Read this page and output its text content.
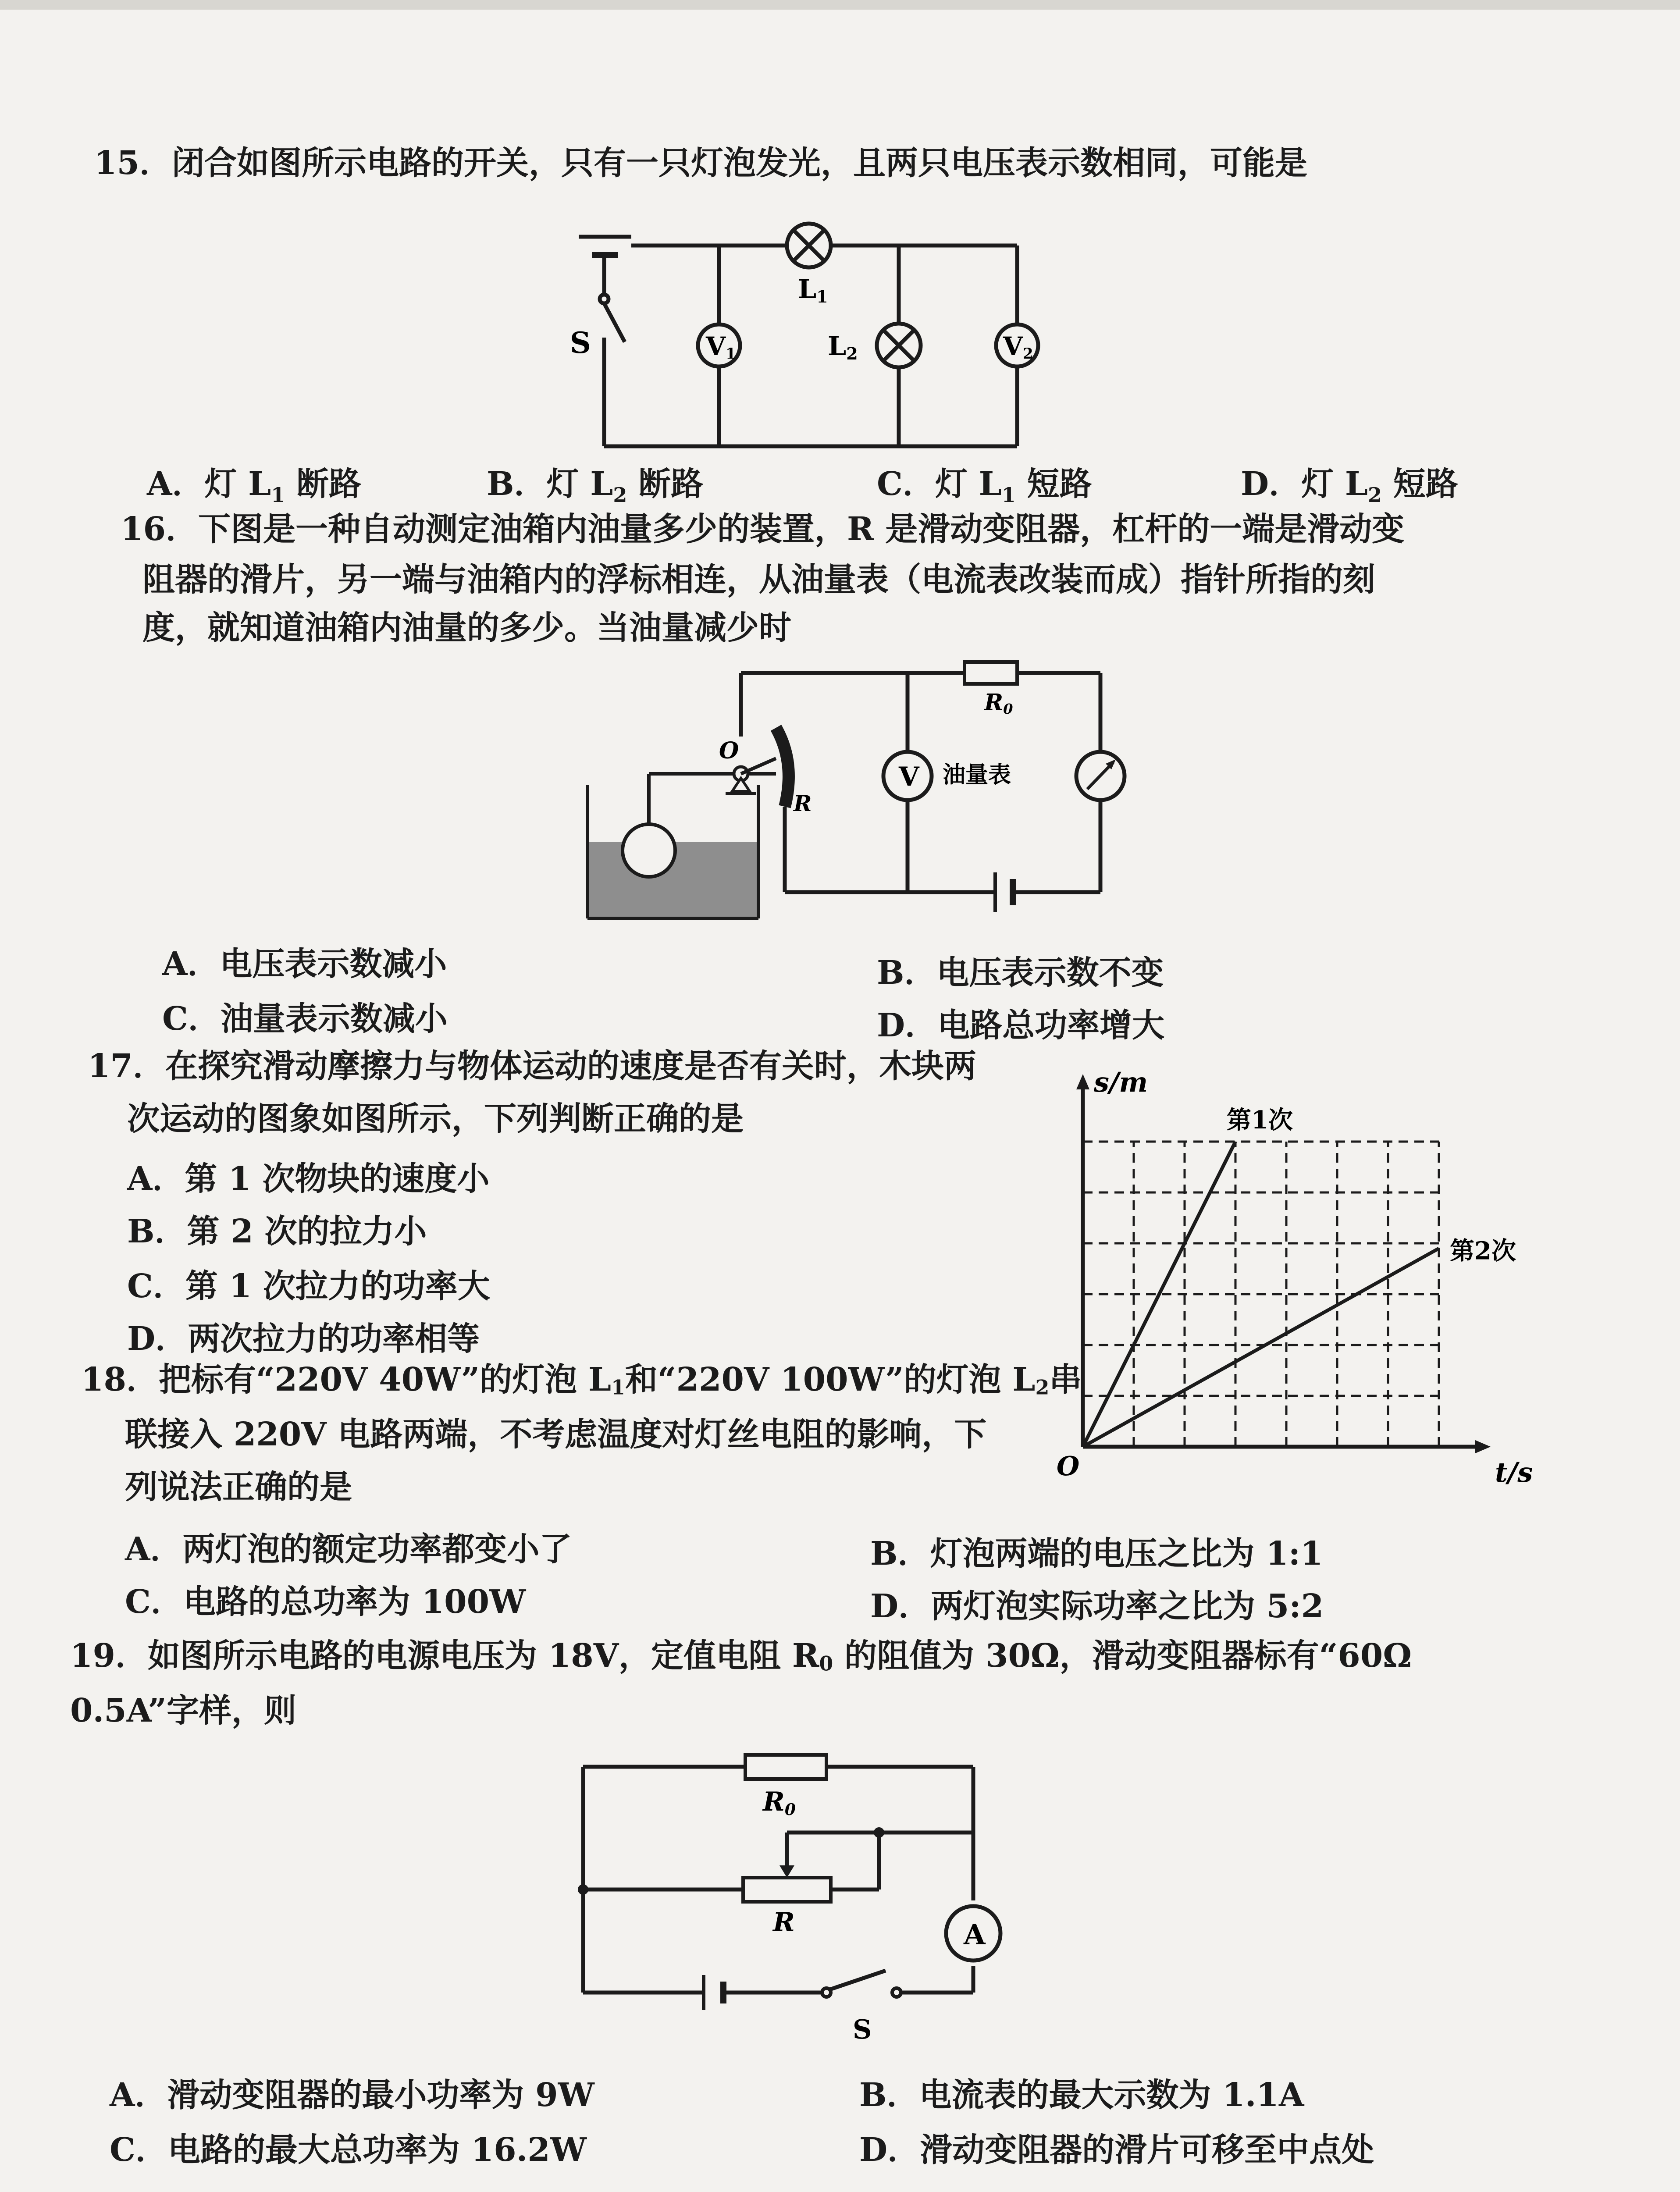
15．闭合如图所示电路的开关，只有一只灯泡发光，且两只电压表示数相同，可能是
S
L1
V1	L2	V2
A．灯 $L_1$ 断路	B．灯 $L_2$ 断路	C．灯 $L_1$ 短路	D．灯 $L_2$ 短路
16．下图是一种自动测定油箱内油量多少的装置，R 是滑动变阻器，杠杆的一端是滑动变
阻器的滑片，另一端与油箱内的浮标相连，从油量表（电流表改装而成）指针所指的刻
度，就知道油箱内油量的多少。当油量减少时
R0
V 油量表
R
O
A．电压表示数减小	B．电压表示数不变
C．油量表示数减小	D．电路总功率增大
17．在探究滑动摩擦力与物体运动的速度是否有关时，木块两
次运动的图象如图所示，下列判断正确的是
A．第 1 次物块的速度小
B．第 2 次的拉力小
C．第 1 次拉力的功率大
D．两次拉力的功率相等
第1次
第2次
s/m
t/s
O
18．把标有“220V 40W”的灯泡 $L_1$和“220V 100W”的灯泡 $L_2$串
联接入 220V 电路两端，不考虑温度对灯丝电阻的影响，下
列说法正确的是
A．两灯泡的额定功率都变小了	B．灯泡两端的电压之比为 1:1
C．电路的总功率为 100W	D．两灯泡实际功率之比为 5:2
19．如图所示电路的电源电压为 18V，定值电阻 $R_0$ 的阻值为 30Ω，滑动变阻器标有“60Ω
0.5A”字样，则
R0
R	A
S
A．滑动变阻器的最小功率为 9W	B．电流表的最大示数为 1.1A
C．电路的最大总功率为 16.2W	D．滑动变阻器的滑片可移至中点处
